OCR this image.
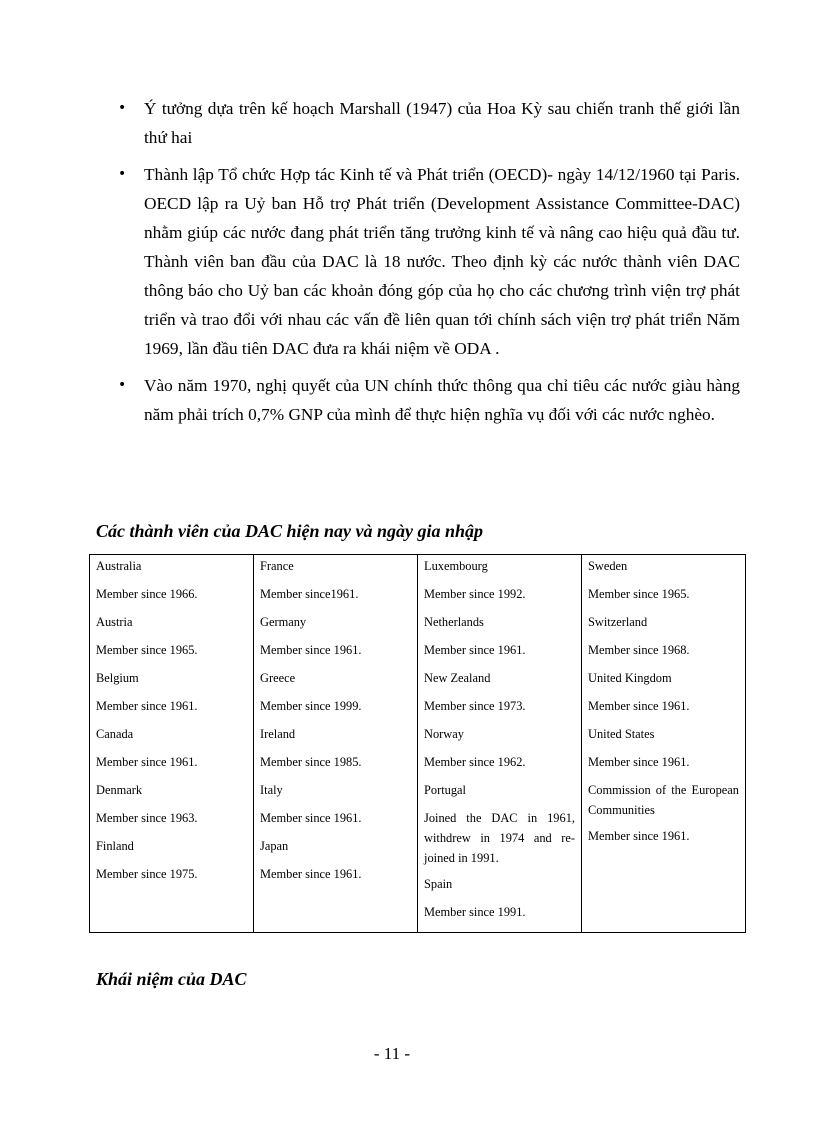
• Ý tưởng dựa trên kế hoạch Marshall (1947) của Hoa Kỳ sau chiến tranh thế giới lần thứ hai
• Thành lập Tổ chức Hợp tác Kinh tế và Phát triển (OECD)- ngày 14/12/1960 tại Paris. OECD lập ra Uỷ ban Hỗ trợ Phát triển (Development Assistance Committee-DAC) nhằm giúp các nước đang phát triển tăng trưởng kinh tế và nâng cao hiệu quả đầu tư. Thành viên ban đầu của DAC là 18 nước. Theo định kỳ các nước thành viên DAC thông báo cho Uỷ ban các khoản đóng góp của họ cho các chương trình viện trợ phát triển và trao đổi với nhau các vấn đề liên quan tới chính sách viện trợ phát triển Năm 1969, lần đầu tiên DAC đưa ra khái niệm về ODA .
• Vào năm 1970, nghị quyết của UN chính thức thông qua chỉ tiêu các nước giàu hàng năm phải trích 0,7% GNP của mình để thực hiện nghĩa vụ đối với các nước nghèo.
Các thành viên của DAC hiện nay và ngày gia nhập
Australia
Member since 1966.
Austria
Member since 1965.
Belgium
Member since 1961.
Canada
Member since 1961.
Denmark
Member since 1963.
Finland
Member since 1975.

France
Member since1961.
Germany
Member since 1961.
Greece
Member since 1999.
Ireland
Member since 1985.
Italy
Member since 1961.
Japan
Member since 1961.

Luxembourg
Member since 1992.
Netherlands
Member since 1961.
New Zealand
Member since 1973.
Norway
Member since 1962.
Portugal
Joined the DAC in 1961, withdrew in 1974 and re-joined in 1991.
Spain
Member since 1991.

Sweden
Member since 1965.
Switzerland
Member since 1968.
United Kingdom
Member since 1961.
United States
Member since 1961.
Commission of the European Communities
Member since 1961.
Khái niệm của DAC
- 11 -
